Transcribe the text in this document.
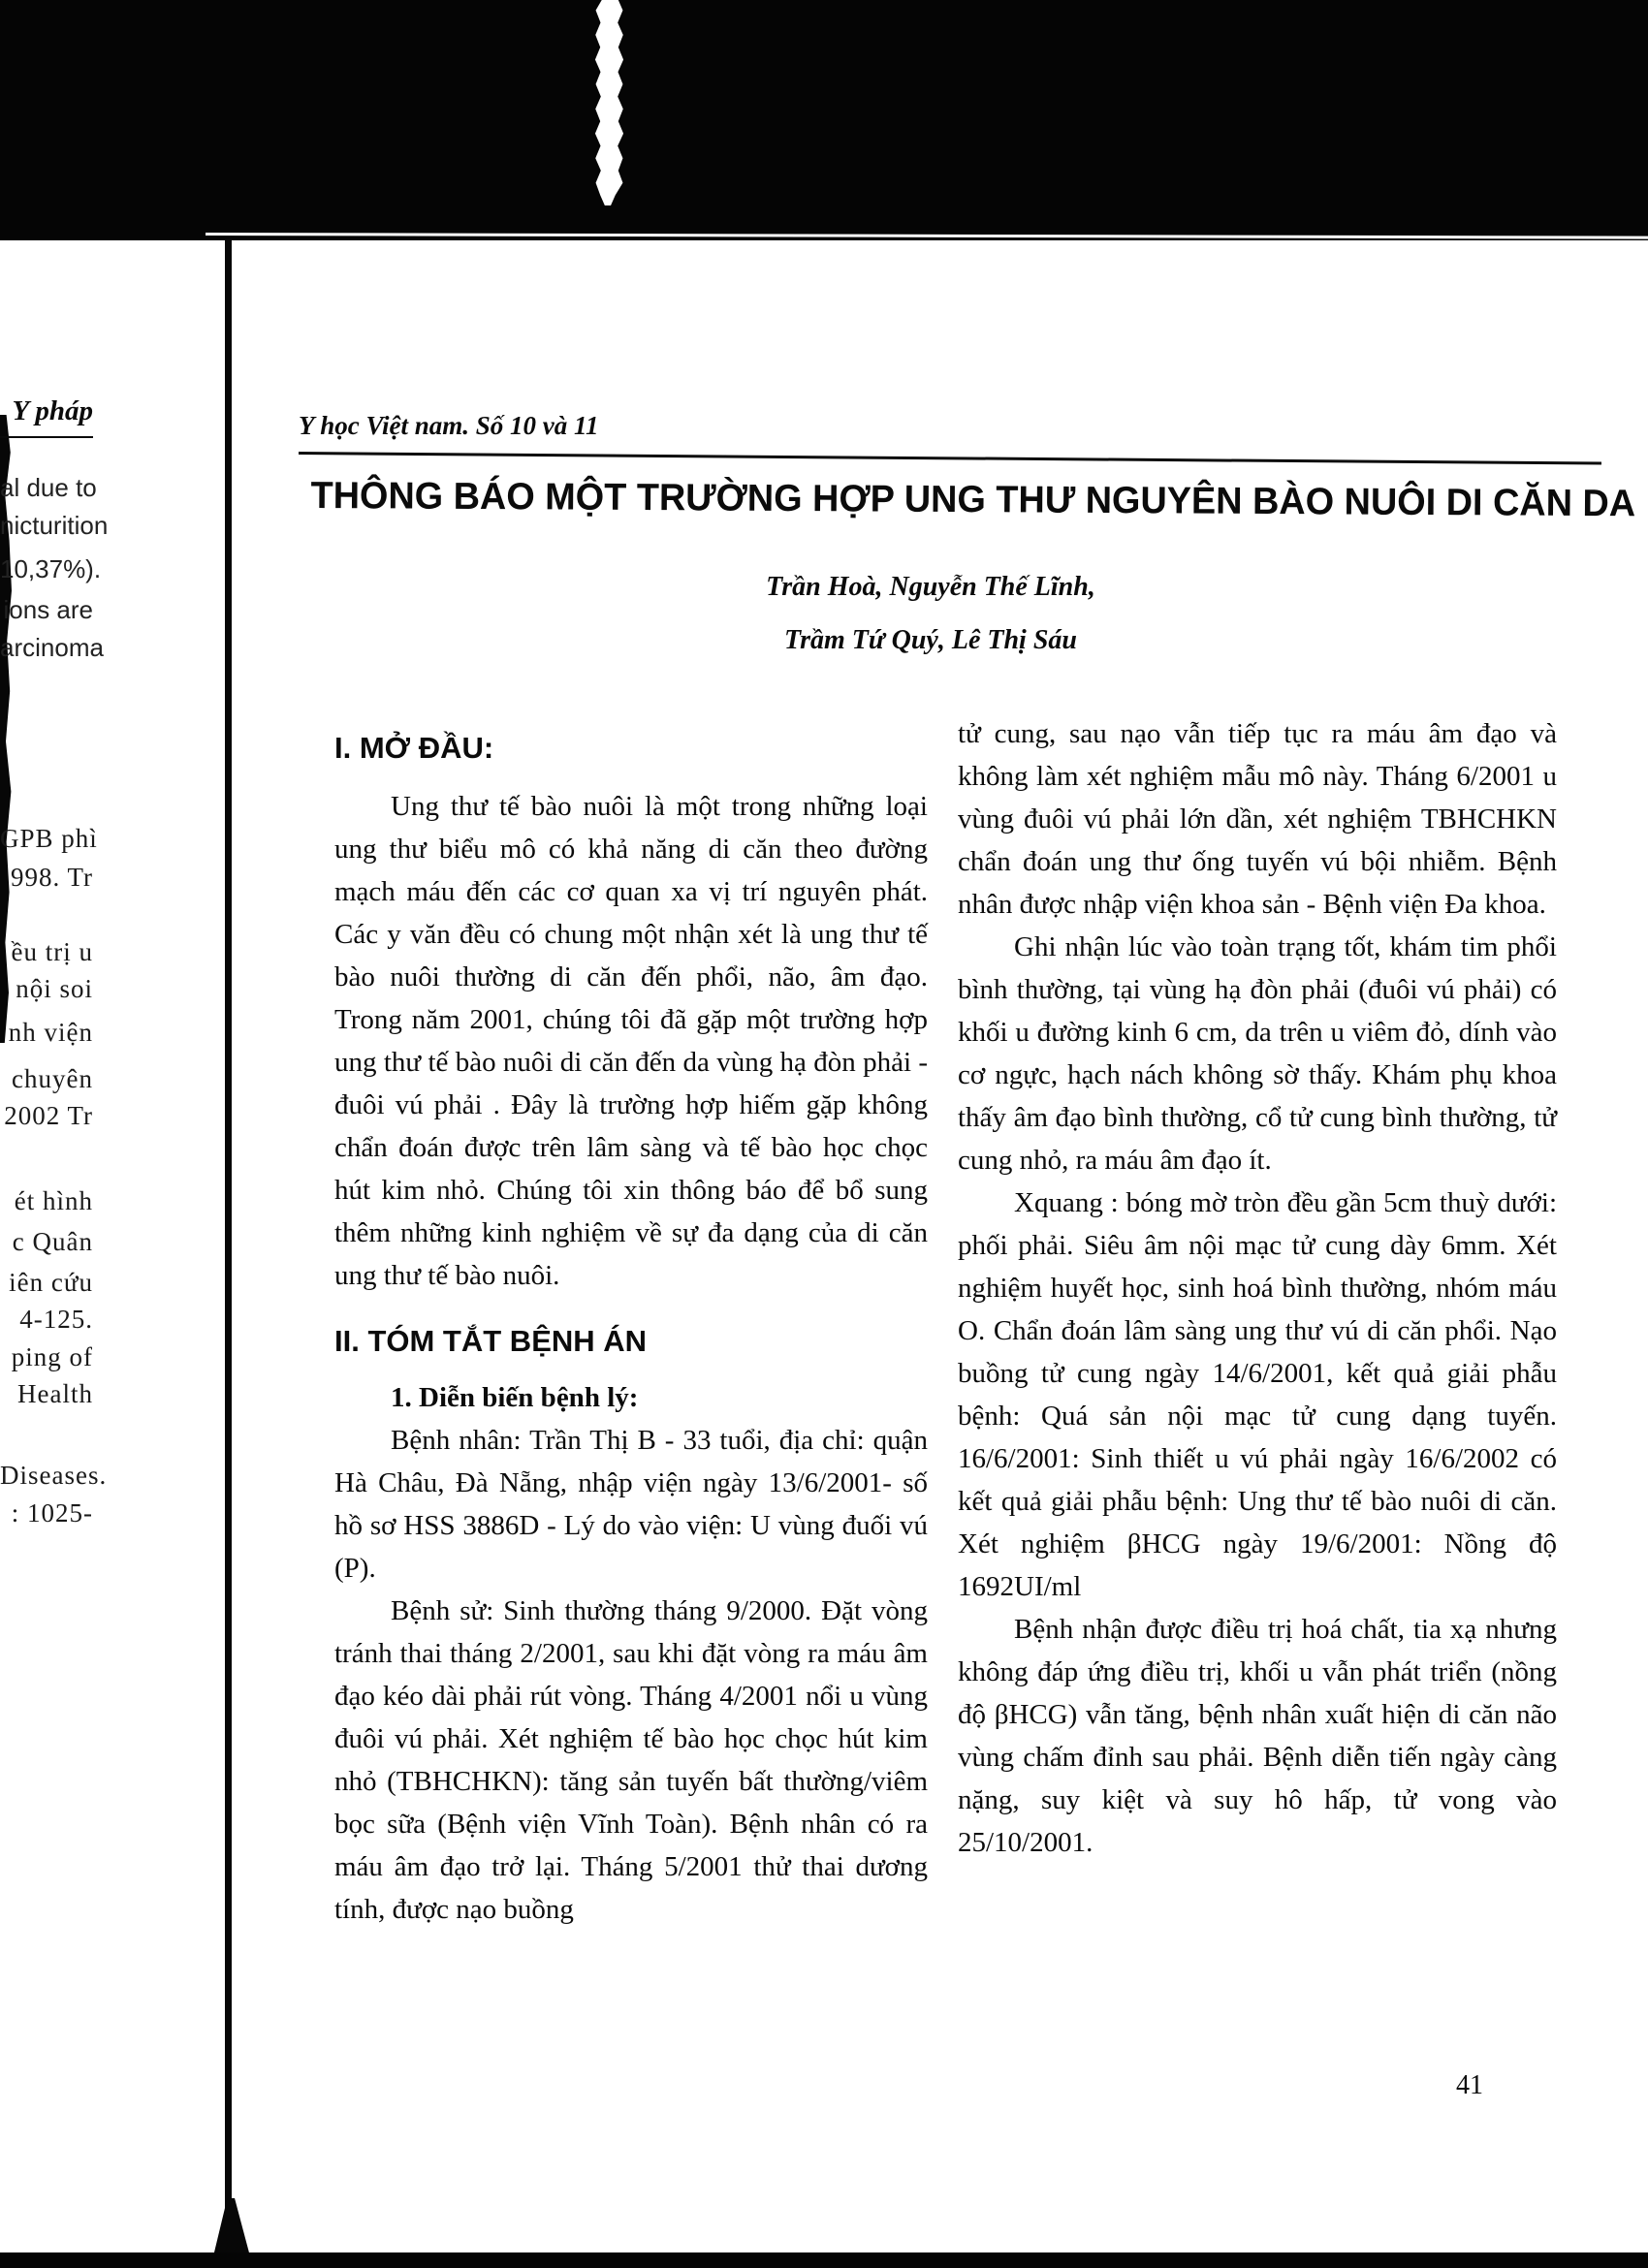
Y pháp
al due to
nicturition
10,37%).
ions are
arcinoma
GPB phì
998. Tr
ều trị u
nội soi
nh viện
chuyên
2002 Tr
ét hình
c Quân
iên cứu
4-125.
ping of
Health
Diseases.
: 1025-
Y học Việt nam. Số 10 và 11
THÔNG BÁO MỘT TRƯỜNG HỢP UNG THƯ NGUYÊN BÀO NUÔI DI CĂN DA
Trần Hoà, Nguyễn Thế Lĩnh,
Trầm Tứ Quý, Lê Thị Sáu
I. MỞ ĐẦU:

Ung thư tế bào nuôi là một trong những loại ung thư biểu mô có khả năng di căn theo đường mạch máu đến các cơ quan xa vị trí nguyên phát. Các y văn đều có chung một nhận xét là ung thư tế bào nuôi thường di căn đến phổi, não, âm đạo. Trong năm 2001, chúng tôi đã gặp một trường hợp ung thư tế bào nuôi di căn đến da vùng hạ đòn phải - đuôi vú phải . Đây là trường hợp hiếm gặp không chẩn đoán được trên lâm sàng và tế bào học chọc hút kim nhỏ. Chúng tôi xin thông báo để bổ sung thêm những kinh nghiệm về sự đa dạng của di căn ung thư tế bào nuôi.

II. TÓM TẮT BỆNH ÁN
1. Diễn biến bệnh lý:

Bệnh nhân: Trần Thị B - 33 tuổi, địa chỉ: quận Hà Châu, Đà Nẵng, nhập viện ngày 13/6/2001- số hồ sơ HSS 3886D - Lý do vào viện: U vùng đuối vú (P).

Bệnh sử: Sinh thường tháng 9/2000. Đặt vòng tránh thai tháng 2/2001, sau khi đặt vòng ra máu âm đạo kéo dài phải rút vòng. Tháng 4/2001 nổi u vùng đuôi vú phải. Xét nghiệm tế bào học chọc hút kim nhỏ (TBHCHKN): tăng sản tuyến bất thường/viêm bọc sữa (Bệnh viện Vĩnh Toàn). Bệnh nhân có ra máu âm đạo trở lại. Tháng 5/2001 thử thai dương tính, được nạo buồng

tử cung, sau nạo vẫn tiếp tục ra máu âm đạo và không làm xét nghiệm mẫu mô này. Tháng 6/2001 u vùng đuôi vú phải lớn dần, xét nghiệm TBHCHKN chẩn đoán ung thư ống tuyến vú bội nhiễm. Bệnh nhân được nhập viện khoa sản - Bệnh viện Đa khoa.

Ghi nhận lúc vào toàn trạng tốt, khám tim phổi bình thường, tại vùng hạ đòn phải (đuôi vú phải) có khối u đường kinh 6 cm, da trên u viêm đỏ, dính vào cơ ngực, hạch nách không sờ thấy. Khám phụ khoa thấy âm đạo bình thường, cổ tử cung bình thường, tử cung nhỏ, ra máu âm đạo ít.

Xquang : bóng mờ tròn đều gần 5cm thuỳ dưới: phối phải. Siêu âm nội mạc tử cung dày 6mm. Xét nghiệm huyết học, sinh hoá bình thường, nhóm máu O. Chẩn đoán lâm sàng ung thư vú di căn phổi. Nạo buồng tử cung ngày 14/6/2001, kết quả giải phẫu bệnh: Quá sản nội mạc tử cung dạng tuyến. 16/6/2001: Sinh thiết u vú phải ngày 16/6/2002 có kết quả giải phẫu bệnh: Ung thư tế bào nuôi di căn. Xét nghiệm βHCG ngày 19/6/2001: Nồng độ 1692UI/ml

Bệnh nhận được điều trị hoá chất, tia xạ nhưng không đáp ứng điều trị, khối u vẫn phát triển (nồng độ βHCG) vẫn tăng, bệnh nhân xuất hiện di căn não vùng chấm đỉnh sau phải. Bệnh diễn tiến ngày càng nặng, suy kiệt và suy hô hấp, tử vong vào 25/10/2001.

41
